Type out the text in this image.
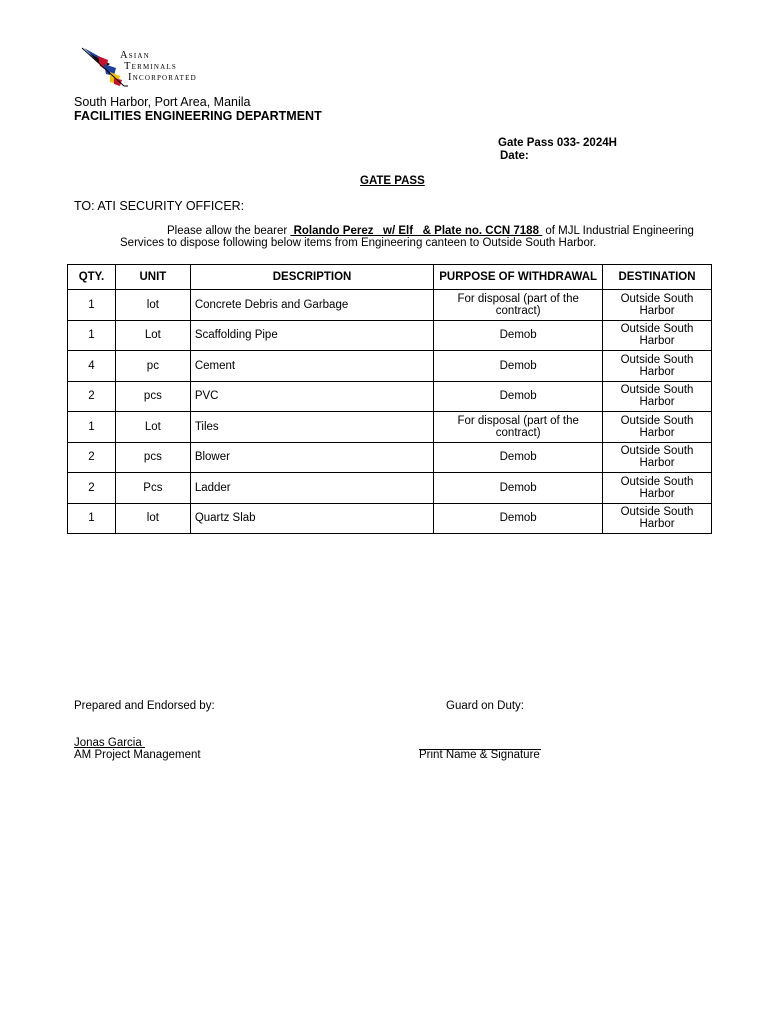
Asian
Terminals
Incorporated
South Harbor, Port Area, Manila
FACILITIES ENGINEERING DEPARTMENT
Gate Pass 033- 2024H
Date:
GATE PASS
TO: ATI SECURITY OFFICER:
Please allow the bearer  Rolando Perez   w/ Elf   & Plate no. CCN 7188  of MJL Industrial Engineering
Services to dispose following below items from Engineering canteen to Outside South Harbor.
QTY.	UNIT	DESCRIPTION	PURPOSE OF WITHDRAWAL	DESTINATION
1	lot	Concrete Debris and Garbage	For disposal (part of the contract)	Outside South Harbor
1	Lot	Scaffolding Pipe	Demob	Outside South Harbor
4	pc	Cement	Demob	Outside South Harbor
2	pcs	PVC	Demob	Outside South Harbor
1	Lot	Tiles	For disposal (part of the contract)	Outside South Harbor
2	pcs	Blower	Demob	Outside South Harbor
2	Pcs	Ladder	Demob	Outside South Harbor
1	lot	Quartz Slab	Demob	Outside South Harbor
Prepared and Endorsed by:	Guard on Duty:
Jonas Garcia
AM Project Management	Print Name & Signature
